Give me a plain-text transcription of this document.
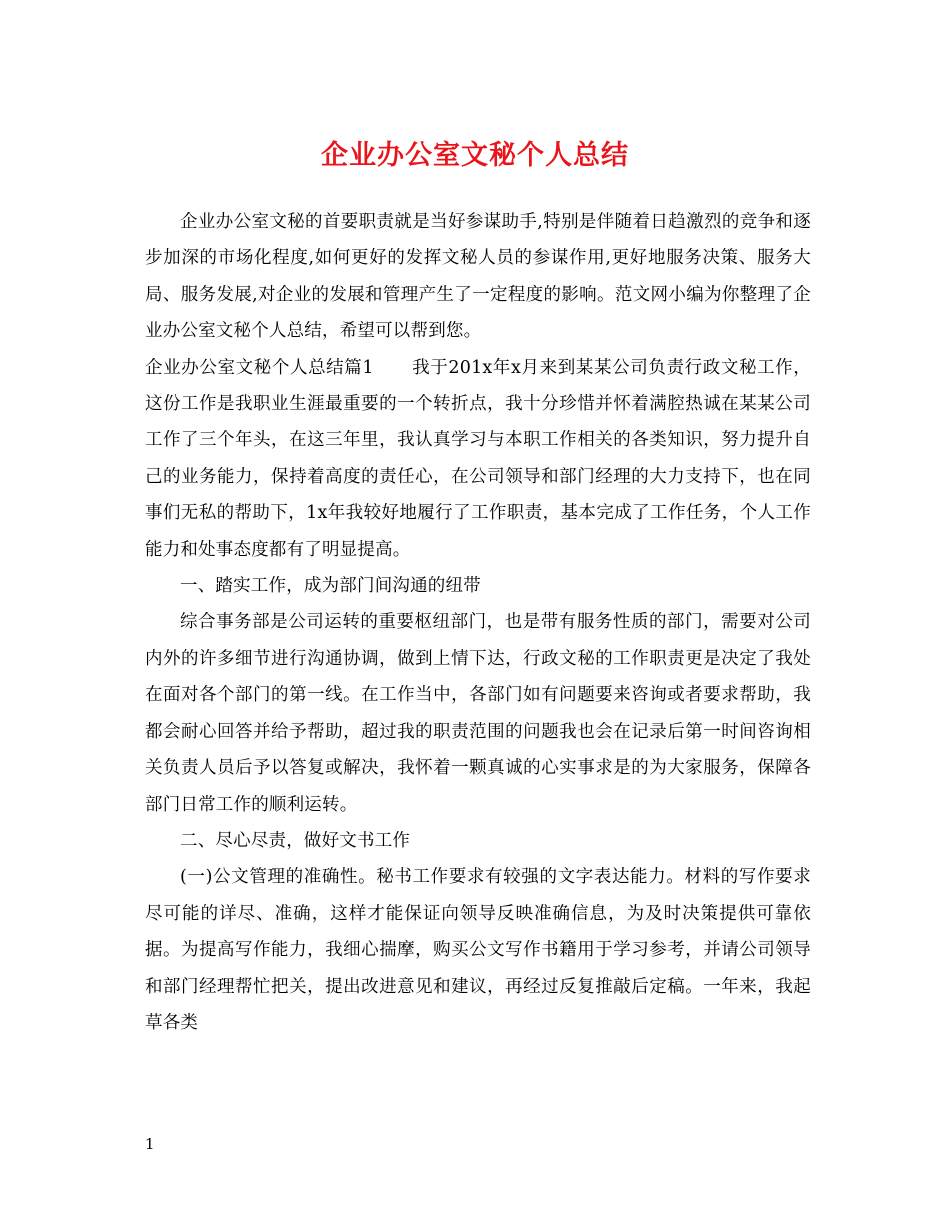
企业办公室文秘个人总结

企业办公室文秘的首要职责就是当好参谋助手,特别是伴随着日趋激烈的竞争和逐步加深的市场化程度,如何更好的发挥文秘人员的参谋作用,更好地服务决策、服务大局、服务发展,对企业的发展和管理产生了一定程度的影响。范文网小编为你整理了企业办公室文秘个人总结，希望可以帮到您。

企业办公室文秘个人总结篇1 我于201x年x月来到某某公司负责行政文秘工作，这份工作是我职业生涯最重要的一个转折点，我十分珍惜并怀着满腔热诚在某某公司工作了三个年头，在这三年里，我认真学习与本职工作相关的各类知识，努力提升自己的业务能力，保持着高度的责任心，在公司领导和部门经理的大力支持下，也在同事们无私的帮助下，1x年我较好地履行了工作职责，基本完成了工作任务，个人工作能力和处事态度都有了明显提高。

一、踏实工作，成为部门间沟通的纽带

综合事务部是公司运转的重要枢纽部门，也是带有服务性质的部门，需要对公司内外的许多细节进行沟通协调，做到上情下达，行政文秘的工作职责更是决定了我处在面对各个部门的第一线。在工作当中，各部门如有问题要来咨询或者要求帮助，我都会耐心回答并给予帮助，超过我的职责范围的问题我也会在记录后第一时间咨询相关负责人员后予以答复或解决，我怀着一颗真诚的心实事求是的为大家服务，保障各部门日常工作的顺利运转。

二、尽心尽责，做好文书工作

(一)公文管理的准确性。秘书工作要求有较强的文字表达能力。材料的写作要求尽可能的详尽、准确，这样才能保证向领导反映准确信息，为及时决策提供可靠依据。为提高写作能力，我细心揣摩，购买公文写作书籍用于学习参考，并请公司领导和部门经理帮忙把关，提出改进意见和建议，再经过反复推敲后定稿。一年来，我起草各类

1
